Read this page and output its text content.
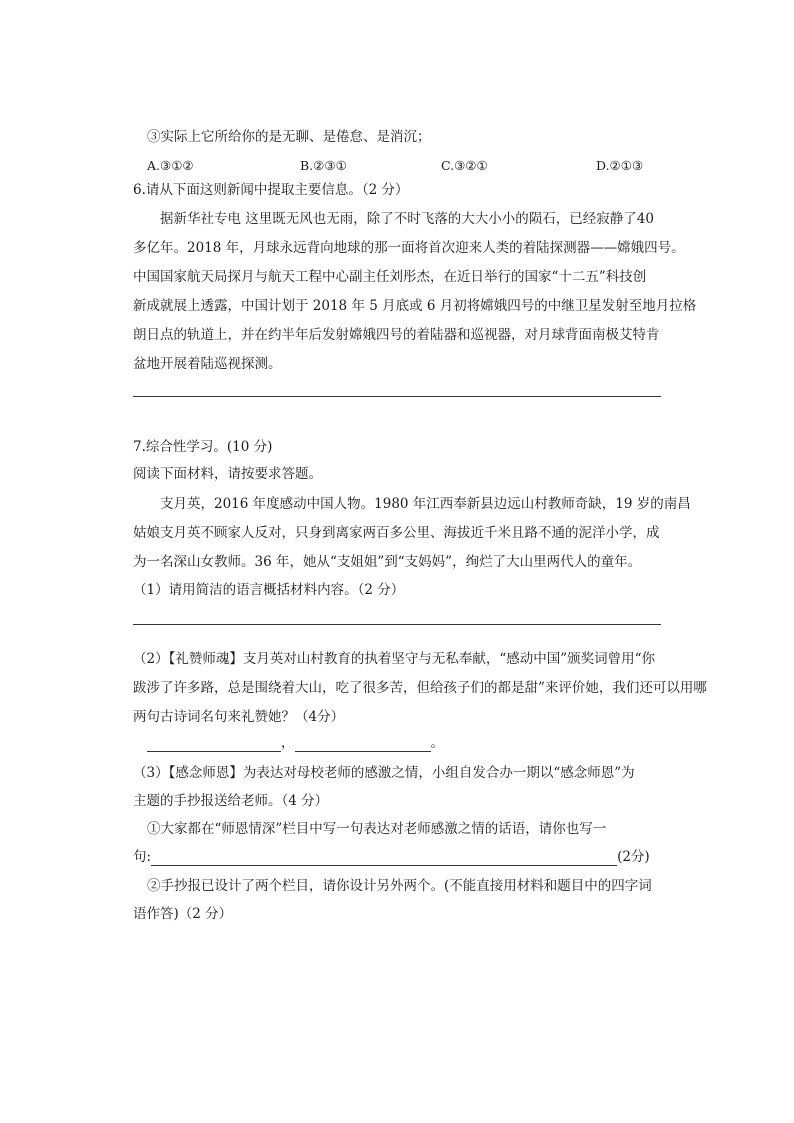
③实际上它所给你的是无聊、是倦怠、是消沉；
A.③①②	B.②③①	C.③②①	D.②①③
6.请从下面这则新闻中提取主要信息。（2 分）
据新华社专电 这里既无风也无雨，除了不时飞落的大大小小的陨石，已经寂静了40
多亿年。2018 年，月球永远背向地球的那一面将首次迎来人类的着陆探测器——嫦娥四号。
中国国家航天局探月与航天工程中心副主任刘彤杰，在近日举行的国家“十二五”科技创
新成就展上透露，中国计划于 2018 年 5 月底或 6 月初将嫦娥四号的中继卫星发射至地月拉格
朗日点的轨道上，并在约半年后发射嫦娥四号的着陆器和巡视器，对月球背面南极艾特肯
盆地开展着陆巡视探测。
7.综合性学习。(10 分)
阅读下面材料，请按要求答题。
支月英，2016 年度感动中国人物。1980 年江西奉新县边远山村教师奇缺，19 岁的南昌
姑娘支月英不顾家人反对，只身到离家两百多公里、海拔近千米且路不通的泥洋小学，成
为一名深山女教师。36 年，她从“支姐姐”到“支妈妈”，绚烂了大山里两代人的童年。
（1）请用简洁的语言概括材料内容。（2 分）
（2）【礼赞师魂】支月英对山村教育的执着坚守与无私奉献，“感动中国”颁奖词曾用“你
跋涉了许多路，总是围绕着大山，吃了很多苦，但给孩子们的都是甜”来评价她，我们还可以用哪
两句古诗词名句来礼赞她？（4分）
，	。
（3）【感念师恩】为表达对母校老师的感激之情，小组自发合办一期以“感念师恩”为
主题的手抄报送给老师。（4 分）
①大家都在“师恩情深”栏目中写一句表达对老师感激之情的话语，请你也写一
句:	(2分)
②手抄报已设计了两个栏目，请你设计另外两个。(不能直接用材料和题目中的四字词
语作答)（2 分）
